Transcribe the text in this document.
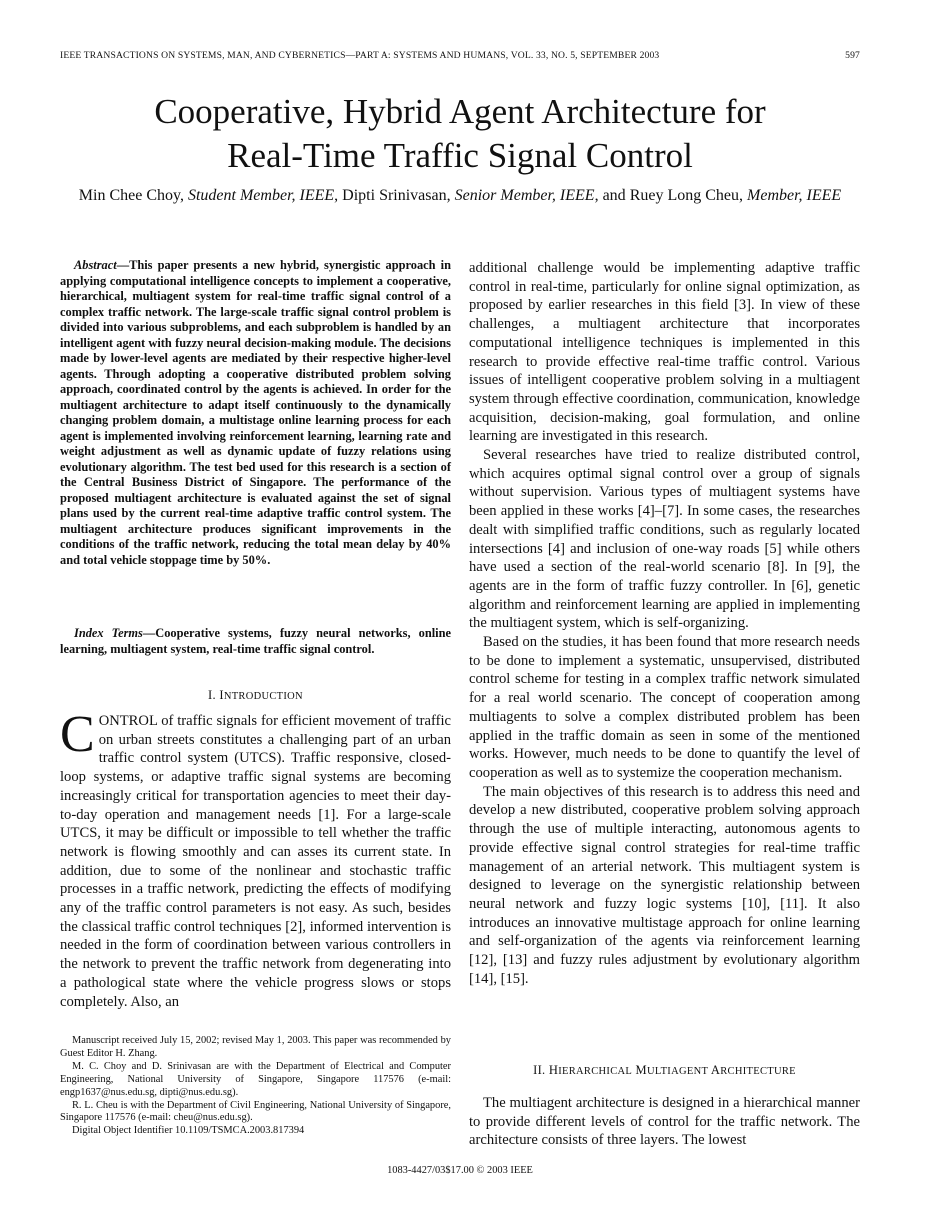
IEEE TRANSACTIONS ON SYSTEMS, MAN, AND CYBERNETICS—PART A: SYSTEMS AND HUMANS, VOL. 33, NO. 5, SEPTEMBER 2003	597
Cooperative, Hybrid Agent Architecture for
Real-Time Traffic Signal Control
Min Chee Choy, Student Member, IEEE, Dipti Srinivasan, Senior Member, IEEE, and Ruey Long Cheu, Member, IEEE

Abstract—This paper presents a new hybrid, synergistic approach in applying computational intelligence concepts to implement a cooperative, hierarchical, multiagent system for real-time traffic signal control of a complex traffic network. The large-scale traffic signal control problem is divided into various subproblems, and each subproblem is handled by an intelligent agent with fuzzy neural decision-making module. The decisions made by lower-level agents are mediated by their respective higher-level agents. Through adopting a cooperative distributed problem solving approach, coordinated control by the agents is achieved. In order for the multiagent architecture to adapt itself continuously to the dynamically changing problem domain, a multistage online learning process for each agent is implemented involving reinforcement learning, learning rate and weight adjustment as well as dynamic update of fuzzy relations using evolutionary algorithm. The test bed used for this research is a section of the Central Business District of Singapore. The performance of the proposed multiagent architecture is evaluated against the set of signal plans used by the current real-time adaptive traffic control system. The multiagent architecture produces significant improvements in the conditions of the traffic network, reducing the total mean delay by 40% and total vehicle stoppage time by 50%.

Index Terms—Cooperative systems, fuzzy neural networks, online learning, multiagent system, real-time traffic signal control.
I. INTRODUCTION

CONTROL of traffic signals for efficient movement of traffic on urban streets constitutes a challenging part of an urban traffic control system (UTCS). Traffic responsive, closed-loop systems, or adaptive traffic signal systems are becoming increasingly critical for transportation agencies to meet their day-to-day operation and management needs [1]. For a large-scale UTCS, it may be difficult or impossible to tell whether the traffic network is flowing smoothly and can asses its current state. In addition, due to some of the nonlinear and stochastic traffic processes in a traffic network, predicting the effects of modifying any of the traffic control parameters is not easy. As such, besides the classical traffic control techniques [2], informed intervention is needed in the form of coordination between various controllers in the network to prevent the traffic network from degenerating into a pathological state where the vehicle progress slows or stops completely. Also, an

additional challenge would be implementing adaptive traffic control in real-time, particularly for online signal optimization, as proposed by earlier researches in this field [3]. In view of these challenges, a multiagent architecture that incorporates computational intelligence techniques is implemented in this research to provide effective real-time traffic control. Various issues of intelligent cooperative problem solving in a multiagent system through effective coordination, communication, knowledge acquisition, decision-making, goal formulation, and online learning are investigated in this research.

Several researches have tried to realize distributed control, which acquires optimal signal control over a group of signals without supervision. Various types of multiagent systems have been applied in these works [4]–[7]. In some cases, the researches dealt with simplified traffic conditions, such as regularly located intersections [4] and inclusion of one-way roads [5] while others have used a section of the real-world scenario [8]. In [9], the agents are in the form of traffic fuzzy controller. In [6], genetic algorithm and reinforcement learning are applied in implementing the multiagent system, which is self-organizing.

Based on the studies, it has been found that more research needs to be done to implement a systematic, unsupervised, distributed control scheme for testing in a complex traffic network simulated for a real world scenario. The concept of cooperation among multiagents to solve a complex distributed problem has been applied in the traffic domain as seen in some of the mentioned works. However, much needs to be done to quantify the level of cooperation as well as to systemize the cooperation mechanism.

The main objectives of this research is to address this need and develop a new distributed, cooperative problem solving approach through the use of multiple interacting, autonomous agents to provide effective signal control strategies for real-time traffic management of an arterial network. This multiagent system is designed to leverage on the synergistic relationship between neural network and fuzzy logic systems [10], [11]. It also introduces an innovative multistage approach for online learning and self-organization of the agents via reinforcement learning [12], [13] and fuzzy rules adjustment by evolutionary algorithm [14], [15].

II. HIERARCHICAL MULTIAGENT ARCHITECTURE

The multiagent architecture is designed in a hierarchical manner to provide different levels of control for the traffic network. The architecture consists of three layers. The lowest

Manuscript received July 15, 2002; revised May 1, 2003. This paper was recommended by Guest Editor H. Zhang.

M. C. Choy and D. Srinivasan are with the Department of Electrical and Computer Engineering, National University of Singapore, Singapore 117576 (e-mail: engp1637@nus.edu.sg, dipti@nus.edu.sg).

R. L. Cheu is with the Department of Civil Engineering, National University of Singapore, Singapore 117576 (e-mail: cheu@nus.edu.sg).

Digital Object Identifier 10.1109/TSMCA.2003.817394

1083-4427/03$17.00 © 2003 IEEE
